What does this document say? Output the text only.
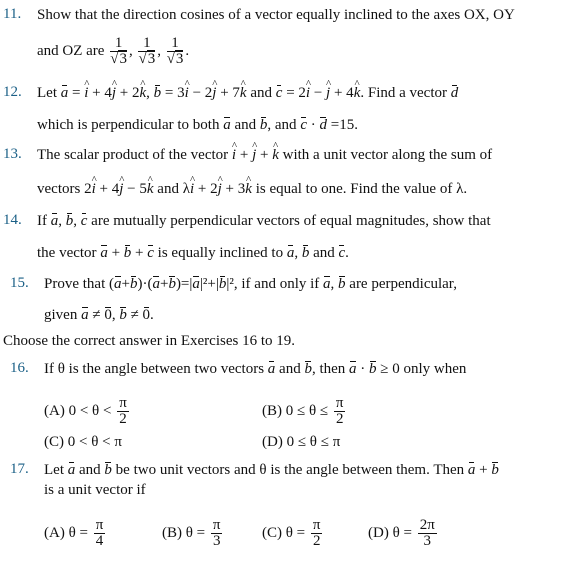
11. Show that the direction cosines of a vector equally inclined to the axes OX, OY
and OZ are $\frac{1}{√3}$ , $\frac{1}{√3}$ , $\frac{1}{√3}$ .
12. Let a = i ^ + 4j ^ + 2k ^, b = 3i ^ − 2j ^ + 7k ^ and c = 2i ^ − j ^ + 4k ^. Find a vector d
which is perpendicular to both a and b, and c · d =15.
13. The scalar product of the vector i ^ + j ^ + k ^ with a unit vector along the sum of
vectors 2i ^ + 4j ^ − 5k ^ and λi ^ + 2j ^ + 3k ^ is equal to one. Find the value of λ.
14. If a, b, c are mutually perpendicular vectors of equal magnitudes, show that
the vector a + b + c is equally inclined to a, b and c.
15. Prove that (a+b)·(a+b)=|a|²+|b|², if and only if a, b are perpendicular,
given a ≠ 0, b ≠ 0.
Choose the correct answer in Exercises 16 to 19.
16. If θ is the angle between two vectors a and b, then a · b ≥ 0 only when
(A) $0 < \theta < \frac{\pi}{2}$	(B) $0 \le \theta \le \frac{\pi}{2}$
(C) 0 < θ < π	(D) 0 ≤ θ ≤ π
17. Let a and b be two unit vectors and θ is the angle between them. Then a + b
is a unit vector if
(A) $\theta = \frac{\pi}{4}$	(B) $\theta = \frac{\pi}{3}$	(C) $\theta = \frac{\pi}{2}$	(D) $\theta = \frac{2\pi}{3}$
